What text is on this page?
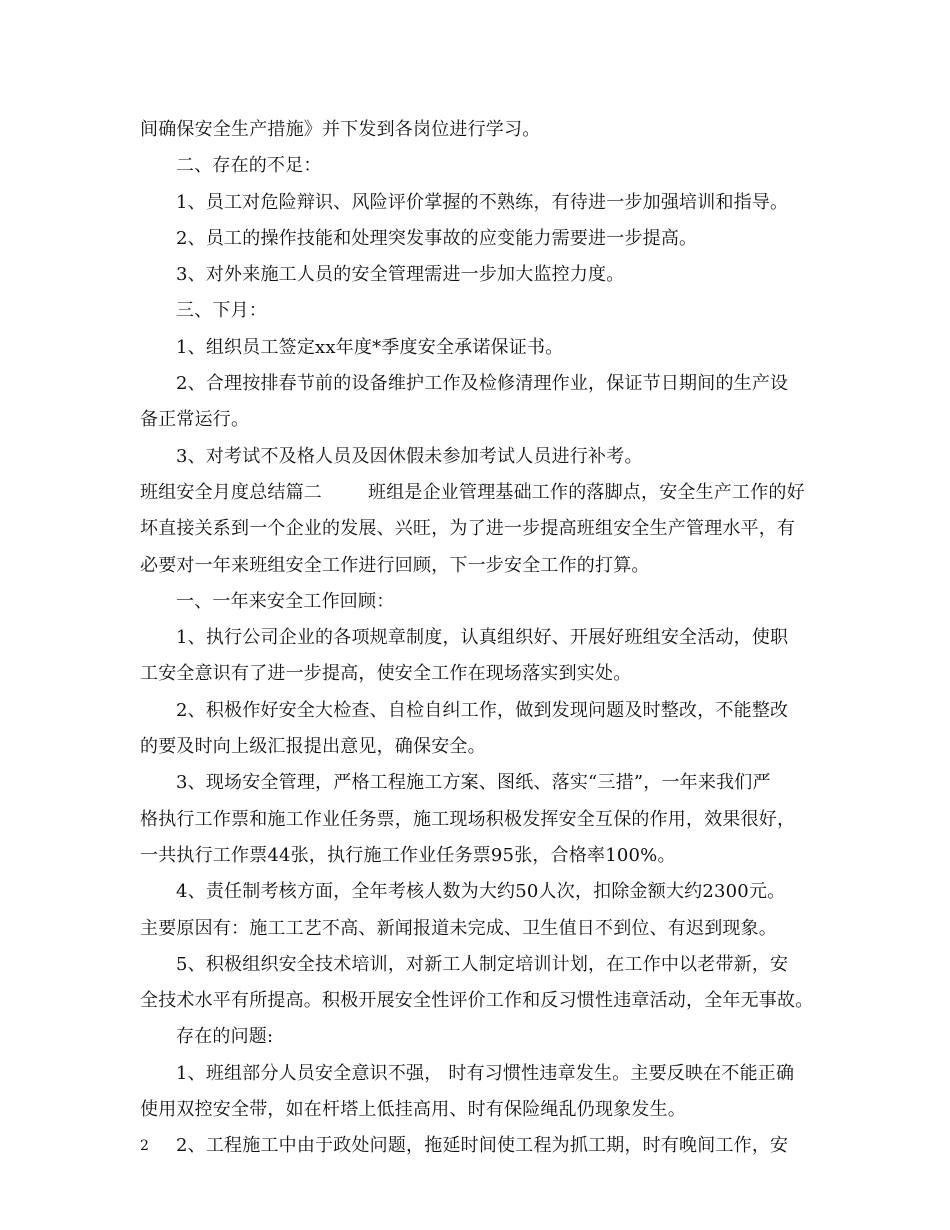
间确保安全生产措施》并下发到各岗位进行学习。
二、存在的不足：
1、员工对危险辩识、风险评价掌握的不熟练，有待进一步加强培训和指导。
2、员工的操作技能和处理突发事故的应变能力需要进一步提高。
3、对外来施工人员的安全管理需进一步加大监控力度。
三、下月：
1、组织员工签定xx年度*季度安全承诺保证书。
2、合理按排春节前的设备维护工作及检修清理作业，保证节日期间的生产设
备正常运行。
3、对考试不及格人员及因休假未参加考试人员进行补考。
班组安全月度总结篇二	班组是企业管理基础工作的落脚点，安全生产工作的好
坏直接关系到一个企业的发展、兴旺，为了进一步提高班组安全生产管理水平，有
必要对一年来班组安全工作进行回顾，下一步安全工作的打算。
一、一年来安全工作回顾：
1、执行公司企业的各项规章制度，认真组织好、开展好班组安全活动，使职
工安全意识有了进一步提高，使安全工作在现场落实到实处。
2、积极作好安全大检查、自检自纠工作，做到发现问题及时整改，不能整改
的要及时向上级汇报提出意见，确保安全。
3、现场安全管理，严格工程施工方案、图纸、落实“三措”，一年来我们严
格执行工作票和施工作业任务票，施工现场积极发挥安全互保的作用，效果很好，
一共执行工作票44张，执行施工作业任务票95张，合格率100%。
4、责任制考核方面，全年考核人数为大约50人次，扣除金额大约2300元。
主要原因有：施工工艺不高、新闻报道未完成、卫生值日不到位、有迟到现象。
5、积极组织安全技术培训，对新工人制定培训计划，在工作中以老带新，安
全技术水平有所提高。积极开展安全性评价工作和反习惯性违章活动，全年无事故。
存在的问题:
1、班组部分人员安全意识不强， 时有习惯性违章发生。主要反映在不能正确
使用双控安全带，如在杆塔上低挂高用、时有保险绳乱仍现象发生。
2、工程施工中由于政处问题，拖延时间使工程为抓工期，时有晚间工作，安
2
